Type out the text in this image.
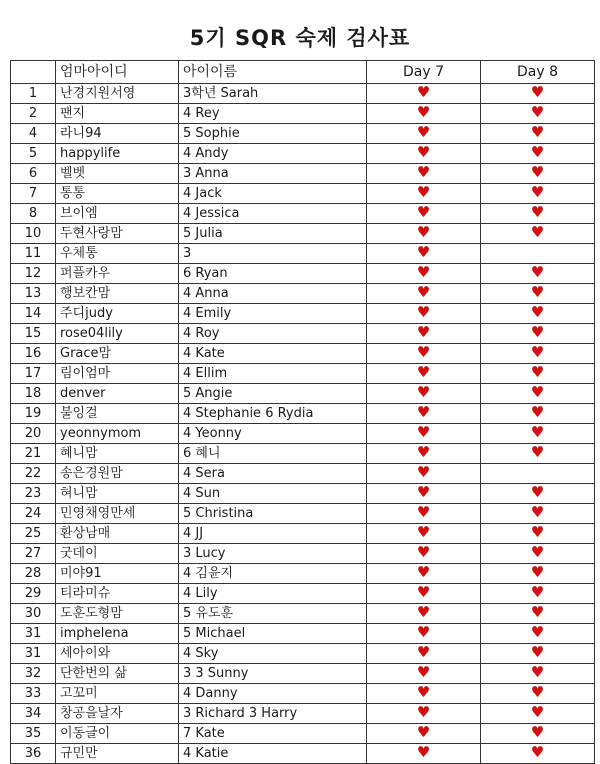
5기 SQR 숙제 검사표
	엄마아이디	아이이름	Day 7	Day 8
1	난경지원서영	3학년 Sarah	♥	♥
2	팬지	4 Rey	♥	♥
4	라니94	5 Sophie	♥	♥
5	happylife	4 Andy	♥	♥
6	벨벳	3 Anna	♥	♥
7	통통	4 Jack	♥	♥
8	브이엠	4 Jessica	♥	♥
10	두현사랑맘	5 Julia	♥	♥
11	우체통	3	♥	
12	퍼플카우	6 Ryan	♥	♥
13	행보칸맘	4 Anna	♥	♥
14	주디judy	4 Emily	♥	♥
15	rose04lily	4 Roy	♥	♥
16	Grace맘	4 Kate	♥	♥
17	림이엄마	4 Ellim	♥	♥
18	denver	5 Angie	♥	♥
19	불잉걸	4 Stephanie 6 Rydia	♥	♥
20	yeonnymom	4 Yeonny	♥	♥
21	혜니맘	6 혜니	♥	♥
22	송은경원맘	4 Sera	♥	
23	혀니맘	4 Sun	♥	♥
24	민영채영만세	5 Christina	♥	♥
25	환상남매	4 JJ	♥	♥
27	굿데이	3 Lucy	♥	♥
28	미야91	4 김윤지	♥	♥
29	티라미슈	4 Lily	♥	♥
30	도훈도형맘	5 유도훈	♥	♥
31	imphelena	5 Michael	♥	♥
31	세아이와	4 Sky	♥	♥
32	단한번의 삶	3 3 Sunny	♥	♥
33	고꼬미	4 Danny	♥	♥
34	창공을날자	3 Richard 3 Harry	♥	♥
35	이동글이	7 Kate	♥	♥
36	규민만	4 Katie	♥	♥
